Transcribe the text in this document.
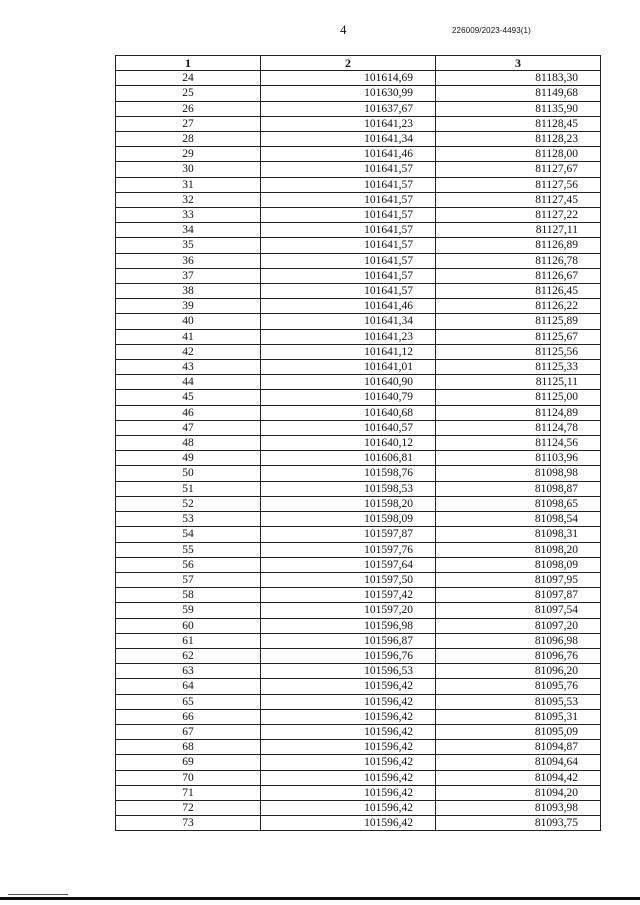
4	226009/2023-4493(1)
1	2	3
24	101614,69	81183,30
25	101630,99	81149,68
26	101637,67	81135,90
27	101641,23	81128,45
28	101641,34	81128,23
29	101641,46	81128,00
30	101641,57	81127,67
31	101641,57	81127,56
32	101641,57	81127,45
33	101641,57	81127,22
34	101641,57	81127,11
35	101641,57	81126,89
36	101641,57	81126,78
37	101641,57	81126,67
38	101641,57	81126,45
39	101641,46	81126,22
40	101641,34	81125,89
41	101641,23	81125,67
42	101641,12	81125,56
43	101641,01	81125,33
44	101640,90	81125,11
45	101640,79	81125,00
46	101640,68	81124,89
47	101640,57	81124,78
48	101640,12	81124,56
49	101606,81	81103,96
50	101598,76	81098,98
51	101598,53	81098,87
52	101598,20	81098,65
53	101598,09	81098,54
54	101597,87	81098,31
55	101597,76	81098,20
56	101597,64	81098,09
57	101597,50	81097,95
58	101597,42	81097,87
59	101597,20	81097,54
60	101596,98	81097,20
61	101596,87	81096,98
62	101596,76	81096,76
63	101596,53	81096,20
64	101596,42	81095,76
65	101596,42	81095,53
66	101596,42	81095,31
67	101596,42	81095,09
68	101596,42	81094,87
69	101596,42	81094,64
70	101596,42	81094,42
71	101596,42	81094,20
72	101596,42	81093,98
73	101596,42	81093,75
